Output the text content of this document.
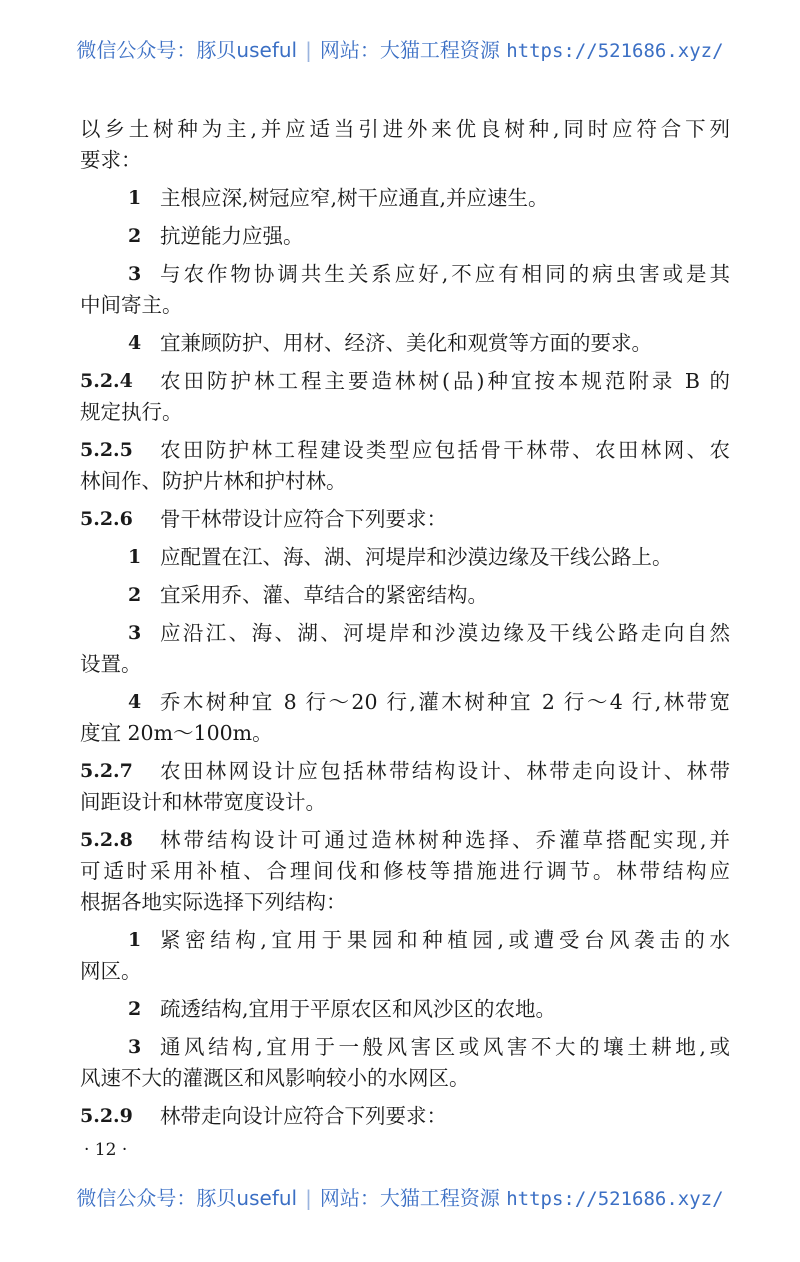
微信公众号：豚贝useful | 网站：大猫工程资源 https://521686.xyz/
以乡土树种为主,并应适当引进外来优良树种,同时应符合下列
要求：
1 主根应深,树冠应窄,树干应通直,并应速生。
2 抗逆能力应强。
3 与农作物协调共生关系应好,不应有相同的病虫害或是其
中间寄主。
4 宜兼顾防护、用材、经济、美化和观赏等方面的要求。
5.2.4 农田防护林工程主要造林树(品)种宜按本规范附录 B 的
规定执行。
5.2.5 农田防护林工程建设类型应包括骨干林带、农田林网、农
林间作、防护片林和护村林。
5.2.6 骨干林带设计应符合下列要求：
1 应配置在江、海、湖、河堤岸和沙漠边缘及干线公路上。
2 宜采用乔、灌、草结合的紧密结构。
3 应沿江、海、湖、河堤岸和沙漠边缘及干线公路走向自然
设置。
4 乔木树种宜 8 行～20 行,灌木树种宜 2 行～4 行,林带宽
度宜 20m～100m。
5.2.7 农田林网设计应包括林带结构设计、林带走向设计、林带
间距设计和林带宽度设计。
5.2.8 林带结构设计可通过造林树种选择、乔灌草搭配实现,并
可适时采用补植、合理间伐和修枝等措施进行调节。林带结构应
根据各地实际选择下列结构：
1 紧密结构,宜用于果园和种植园,或遭受台风袭击的水
网区。
2 疏透结构,宜用于平原农区和风沙区的农地。
3 通风结构,宜用于一般风害区或风害不大的壤土耕地,或
风速不大的灌溉区和风影响较小的水网区。
5.2.9 林带走向设计应符合下列要求：
· 12 ·
微信公众号：豚贝useful | 网站：大猫工程资源 https://521686.xyz/
